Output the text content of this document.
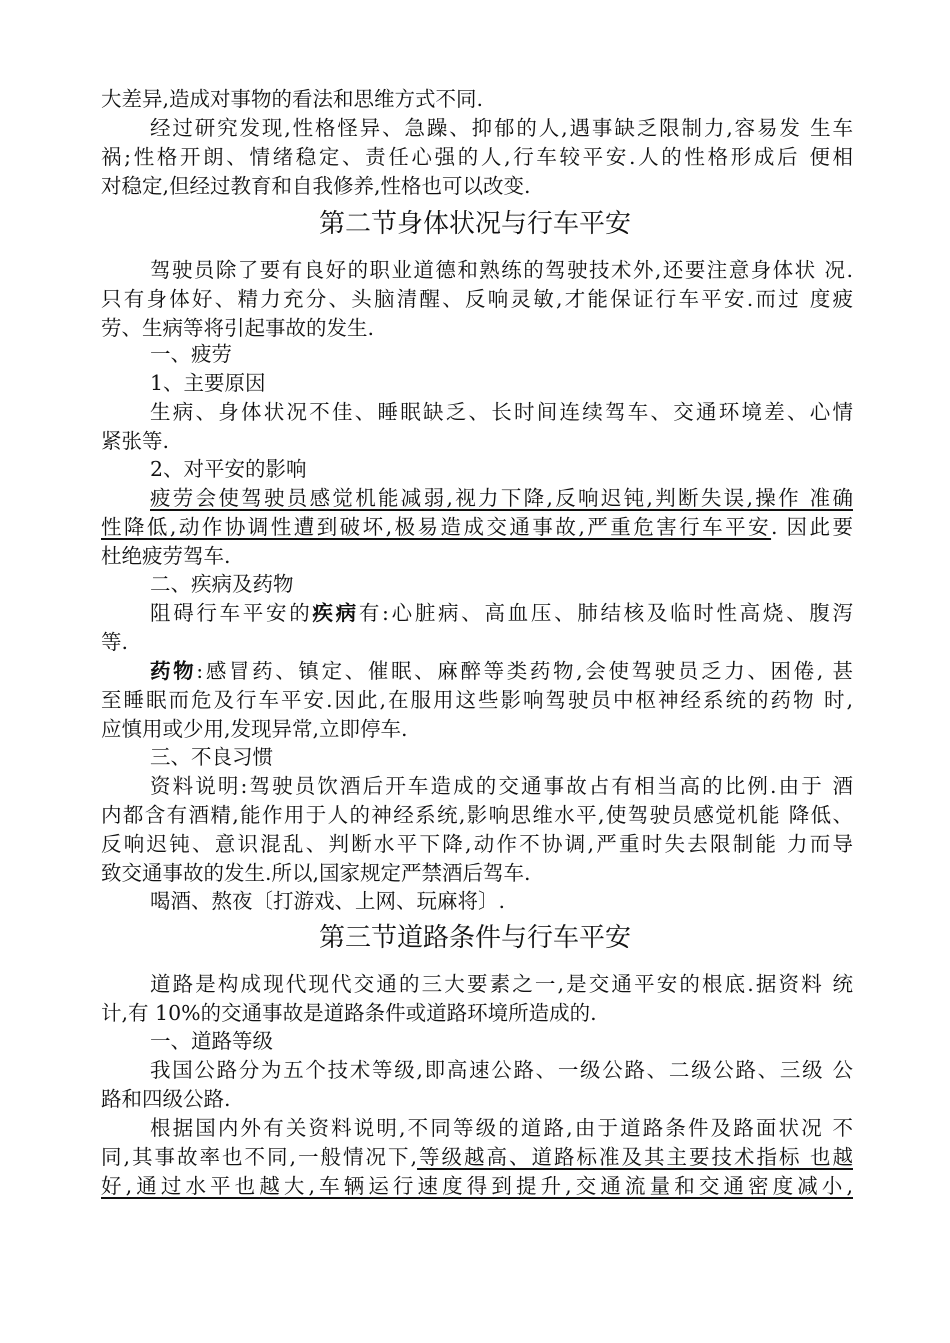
大差异,造成对事物的看法和思维方式不同.
经过研究发现,性格怪异、急躁、抑郁的人,遇事缺乏限制力,容易发 生车
祸;性格开朗、情绪稳定、责任心强的人,行车较平安.人的性格形成后 便相
对稳定,但经过教育和自我修养,性格也可以改变.
第二节身体状况与行车平安
驾驶员除了要有良好的职业道德和熟练的驾驶技术外,还要注意身体状 况.
只有身体好、精力充分、头脑清醒、反响灵敏,才能保证行车平安.而过 度疲
劳、生病等将引起事故的发生.
一、疲劳
1、主要原因
生病、身体状况不佳、睡眠缺乏、长时间连续驾车、交通环境差、心情
紧张等.
2、对平安的影响
疲劳会使驾驶员感觉机能减弱,视力下降,反响迟钝,判断失误,操作 准确
性降低,动作协调性遭到破坏,极易造成交通事故,严重危害行车平安. 因此要
杜绝疲劳驾车.
二、疾病及药物
阻碍行车平安的疾病有:心脏病、高血压、肺结核及临时性高烧、腹泻
等.
药物:感冒药、镇定、催眠、麻醉等类药物,会使驾驶员乏力、困倦, 甚
至睡眠而危及行车平安.因此,在服用这些影响驾驶员中枢神经系统的药物 时,
应慎用或少用,发现异常,立即停车.
三、不良习惯
资料说明:驾驶员饮酒后开车造成的交通事故占有相当高的比例.由于 酒
内都含有酒精,能作用于人的神经系统,影响思维水平,使驾驶员感觉机能 降低、
反响迟钝、意识混乱、判断水平下降,动作不协调,严重时失去限制能 力而导
致交通事故的发生.所以,国家规定严禁酒后驾车.
喝酒、熬夜〔打游戏、上网、玩麻将〕.
第三节道路条件与行车平安
道路是构成现代现代交通的三大要素之一,是交通平安的根底.据资料 统
计,有 10%的交通事故是道路条件或道路环境所造成的.
一、道路等级
我国公路分为五个技术等级,即高速公路、一级公路、二级公路、三级 公
路和四级公路.
根据国内外有关资料说明,不同等级的道路,由于道路条件及路面状况 不
同,其事故率也不同,一般情况下,等级越高、道路标准及其主要技术指标 也越
好,通过水平也越大,车辆运行速度得到提升,交通流量和交通密度减小,
